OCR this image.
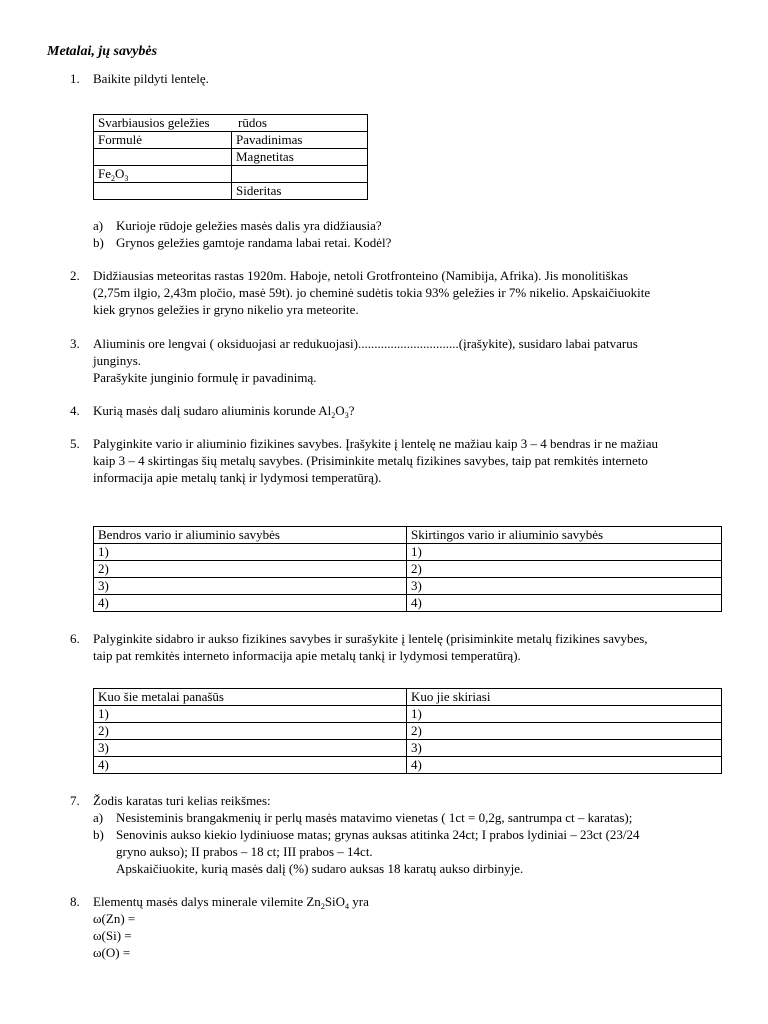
Metalai, jų savybės
1.	Baikite pildyti lentelę.
Svarbiausios geležies rūdos	
Formulė	Pavadinimas
	Magnetitas
$Fe_2O_3$	
	Sideritas
a) Kurioje rūdoje geležies masės dalis yra didžiausia?
b) Grynos geležies gamtoje randama labai retai. Kodėl?
2.	Didžiausias meteoritas rastas 1920m. Haboje, netoli Grotfronteino (Namibija, Afrika). Jis monolitiškas
(2,75m ilgio, 2,43m pločio, masė 59t). jo cheminė sudėtis tokia 93% geležies ir 7% nikelio. Apskaičiuokite
kiek grynos geležies ir gryno nikelio yra meteorite.
3.	Aliuminis ore lengvai ( oksiduojasi ar redukuojasi)...............................(įrašykite), susidaro labai patvarus
junginys.
Parašykite junginio formulę ir pavadinimą.
4.	Kurią masės dalį sudaro aliuminis korunde $Al_2O_3$?
5.	Palyginkite vario ir aliuminio fizikines savybes. Įrašykite į lentelę ne mažiau kaip 3 – 4 bendras ir ne mažiau
kaip 3 – 4 skirtingas šių metalų savybes. (Prisiminkite metalų fizikines savybes, taip pat remkitės interneto
informacija apie metalų tankį ir lydymosi temperatūrą).
Bendros vario ir aliuminio savybės	Skirtingos vario ir aliuminio savybės
1)	1)
2)	2)
3)	3)
4)	4)
6.	Palyginkite sidabro ir aukso fizikines savybes ir surašykite į lentelę (prisiminkite metalų fizikines savybes,
taip pat remkitės interneto informacija apie metalų tankį ir lydymosi temperatūrą).
Kuo šie metalai panašūs	Kuo jie skiriasi
1)	1)
2)	2)
3)	3)
4)	4)
7.	Žodis karatas turi kelias reikšmes:
a) Nesisteminis brangakmenių ir perlų masės matavimo vienetas ( 1ct = 0,2g, santrumpa ct – karatas);
b) Senovinis aukso kiekio lydiniuose matas; grynas auksas atitinka 24ct; I prabos lydiniai – 23ct (23/24
gryno aukso); II prabos – 18 ct; III prabos – 14ct.
Apskaičiuokite, kurią masės dalį (%) sudaro auksas 18 karatų aukso dirbinyje.
8.	Elementų masės dalys minerale vilemite $Zn_2SiO_4$ yra
ω(Zn) =
ω(Si) =
ω(O) =
